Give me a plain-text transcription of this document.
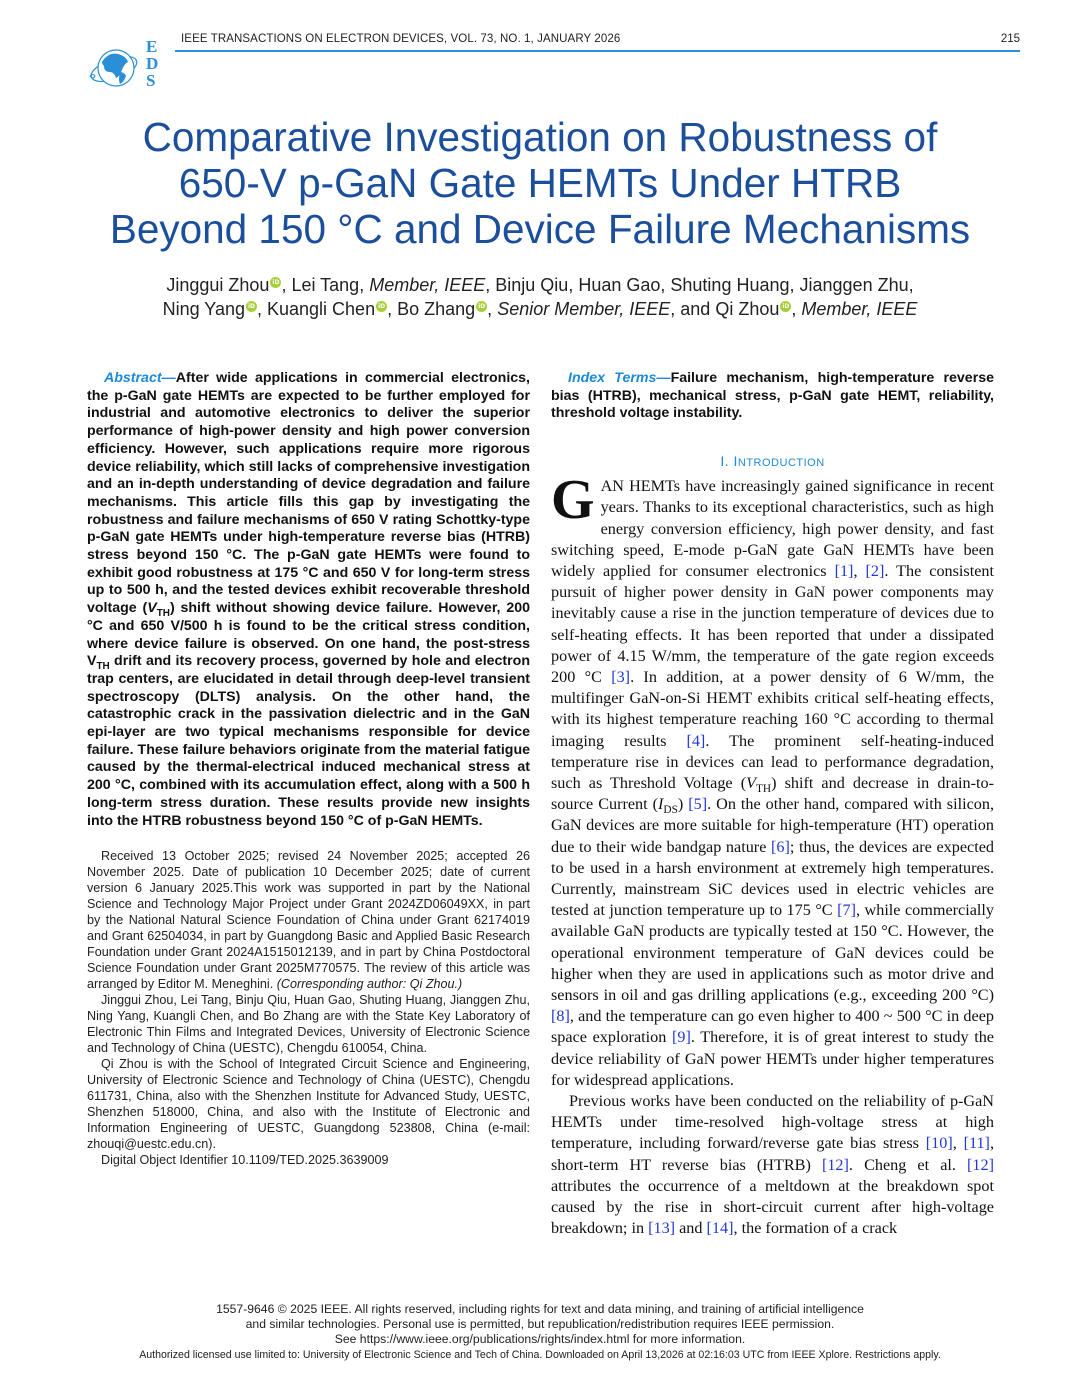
EDS
IEEE TRANSACTIONS ON ELECTRON DEVICES, VOL. 73, NO. 1, JANUARY 2026	215
Comparative Investigation on Robustness of
650-V p-GaN Gate HEMTs Under HTRB
Beyond 150 °C and Device Failure Mechanisms
Jinggui Zhou iD , Lei Tang, Member, IEEE, Binju Qiu, Huan Gao, Shuting Huang, Jianggen Zhu,
Ning Yang iD , Kuangli Chen iD , Bo Zhang iD , Senior Member, IEEE, and Qi Zhou iD , Member, IEEE

Abstract—After wide applications in commercial electronics, the p-GaN gate HEMTs are expected to be further employed for industrial and automotive electronics to deliver the superior performance of high-power density and high power conversion efficiency. However, such applications require more rigorous device reliability, which still lacks of comprehensive investigation and an in-depth understanding of device degradation and failure mechanisms. This article fills this gap by investigating the robustness and failure mechanisms of 650 V rating Schottky-type p-GaN gate HEMTs under high-temperature reverse bias (HTRB) stress beyond 150 °C. The p-GaN gate HEMTs were found to exhibit good robustness at 175 °C and 650 V for long-term stress up to 500 h, and the tested devices exhibit recoverable threshold voltage $(V_{TH})$ shift without showing device failure. However, 200 °C and 650 V/500 h is found to be the critical stress condition, where device failure is observed. On one hand, the post-stress $V_{TH}$ drift and its recovery process, governed by hole and electron trap centers, are elucidated in detail through deep-level transient spectroscopy (DLTS) analysis. On the other hand, the catastrophic crack in the passivation dielectric and in the GaN epi-layer are two typical mechanisms responsible for device failure. These failure behaviors originate from the material fatigue caused by the thermal-electrical induced mechanical stress at 200 °C, combined with its accumulation effect, along with a 500 h long-term stress duration. These results provide new insights into the HTRB robustness beyond 150 °C of p-GaN HEMTs.

Received 13 October 2025; revised 24 November 2025; accepted 26 November 2025. Date of publication 10 December 2025; date of current version 6 January 2025.This work was supported in part by the National Science and Technology Major Project under Grant 2024ZD06049XX, in part by the National Natural Science Foundation of China under Grant 62174019 and Grant 62504034, in part by Guangdong Basic and Applied Basic Research Foundation under Grant 2024A1515012139, and in part by China Postdoctoral Science Foundation under Grant 2025M770575. The review of this article was arranged by Editor M. Meneghini. (Corresponding author: Qi Zhou.)

Jinggui Zhou, Lei Tang, Binju Qiu, Huan Gao, Shuting Huang, Jianggen Zhu, Ning Yang, Kuangli Chen, and Bo Zhang are with the State Key Laboratory of Electronic Thin Films and Integrated Devices, University of Electronic Science and Technology of China (UESTC), Chengdu 610054, China.

Qi Zhou is with the School of Integrated Circuit Science and Engineering, University of Electronic Science and Technology of China (UESTC), Chengdu 611731, China, also with the Shenzhen Institute for Advanced Study, UESTC, Shenzhen 518000, China, and also with the Institute of Electronic and Information Engineering of UESTC, Guangdong 523808, China (e-mail: zhouqi@uestc.edu.cn).

Digital Object Identifier 10.1109/TED.2025.3639009

Index Terms—Failure mechanism, high-temperature reverse bias (HTRB), mechanical stress, p-GaN gate HEMT, reliability, threshold voltage instability.

I. INTRODUCTION

GAN HEMTs have increasingly gained significance in recent years. Thanks to its exceptional characteristics, such as high energy conversion efficiency, high power density, and fast switching speed, E-mode p-GaN gate GaN HEMTs have been widely applied for consumer electronics [1], [2]. The consistent pursuit of higher power density in GaN power components may inevitably cause a rise in the junction temperature of devices due to self-heating effects. It has been reported that under a dissipated power of 4.15 W/mm, the temperature of the gate region exceeds 200 °C [3]. In addition, at a power density of 6 W/mm, the multifinger GaN-on-Si HEMT exhibits critical self-heating effects, with its highest temperature reaching 160 °C according to thermal imaging results [4]. The prominent self-heating-induced temperature rise in devices can lead to performance degradation, such as Threshold Voltage $(V_{TH})$ shift and decrease in drain-to-source Current $(I_{DS})$ [5]. On the other hand, compared with silicon, GaN devices are more suitable for high-temperature (HT) operation due to their wide bandgap nature [6]; thus, the devices are expected to be used in a harsh environment at extremely high temperatures. Currently, mainstream SiC devices used in electric vehicles are tested at junction temperature up to 175 °C [7], while commercially available GaN products are typically tested at 150 °C. However, the operational environment temperature of GaN devices could be higher when they are used in applications such as motor drive and sensors in oil and gas drilling applications (e.g., exceeding 200 °C) [8], and the temperature can go even higher to 400 ~ 500 °C in deep space exploration [9]. Therefore, it is of great interest to study the device reliability of GaN power HEMTs under higher temperatures for widespread applications.

Previous works have been conducted on the reliability of p-GaN HEMTs under time-resolved high-voltage stress at high temperature, including forward/reverse gate bias stress [10], [11], short-term HT reverse bias (HTRB) [12]. Cheng et al. [12] attributes the occurrence of a meltdown at the breakdown spot caused by the rise in short-circuit current after high-voltage breakdown; in [13] and [14], the formation of a crack

1557-9646 © 2025 IEEE. All rights reserved, including rights for text and data mining, and training of artificial intelligence
and similar technologies. Personal use is permitted, but republication/redistribution requires IEEE permission.
See https://www.ieee.org/publications/rights/index.html for more information.
Authorized licensed use limited to: University of Electronic Science and Tech of China. Downloaded on April 13,2026 at 02:16:03 UTC from IEEE Xplore. Restrictions apply.
